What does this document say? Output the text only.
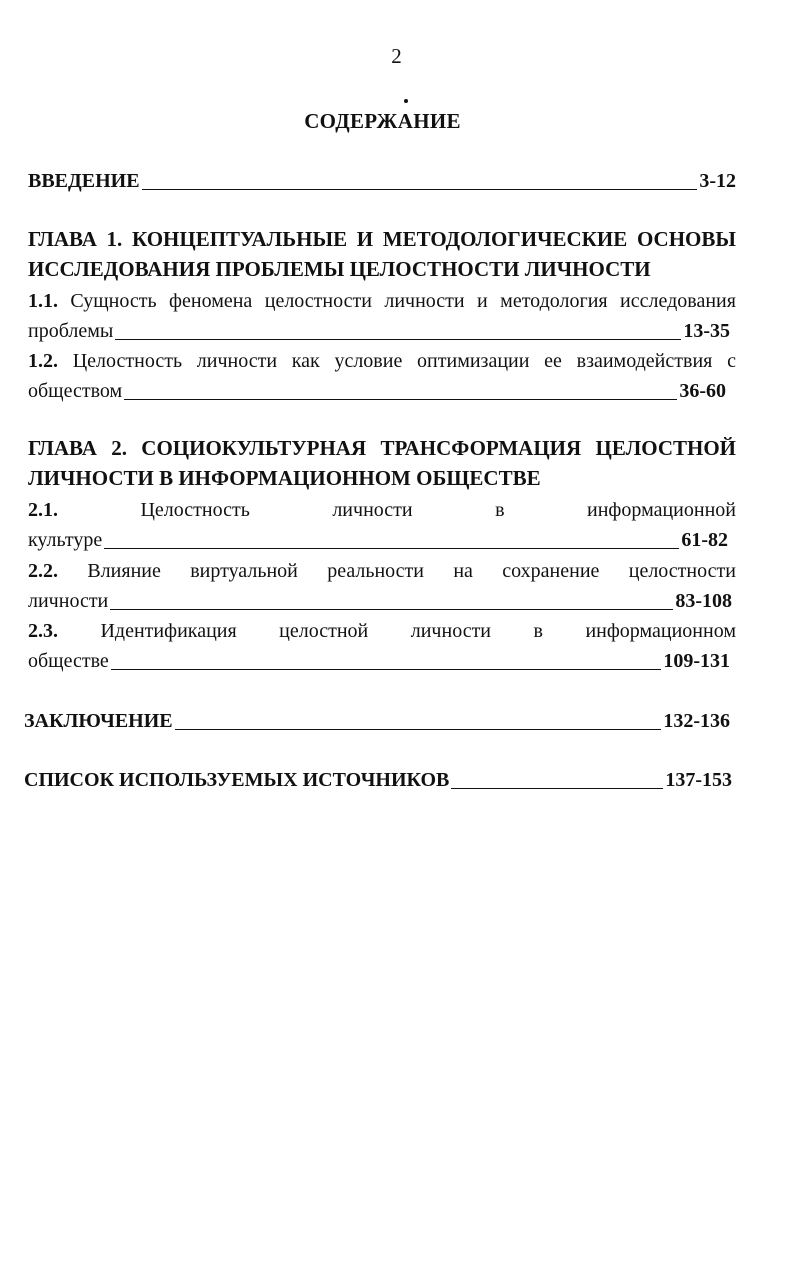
2
СОДЕРЖАНИЕ
ВВЕДЕНИЕ	3-12
ГЛАВА 1. КОНЦЕПТУАЛЬНЫЕ И МЕТОДОЛОГИЧЕСКИЕ ОСНОВЫ
ИССЛЕДОВАНИЯ ПРОБЛЕМЫ ЦЕЛОСТНОСТИ ЛИЧНОСТИ
1.1. Сущность феномена целостности личности и методология исследования
проблемы	13-35
1.2. Целостность личности как условие оптимизации ее взаимодействия с
обществом	36-60
ГЛАВА 2. СОЦИОКУЛЬТУРНАЯ ТРАНСФОРМАЦИЯ ЦЕЛОСТНОЙ
ЛИЧНОСТИ В ИНФОРМАЦИОННОМ ОБЩЕСТВЕ
2.1.	Целостность	личности	в	информационной
культуре	61-82
2.2. Влияние виртуальной реальности на сохранение целостности
личности	83-108
2.3. Идентификация целостной личности в информационном
обществе	109-131
ЗАКЛЮЧЕНИЕ	132-136
СПИСОК ИСПОЛЬЗУЕМЫХ ИСТОЧНИКОВ	137-153
